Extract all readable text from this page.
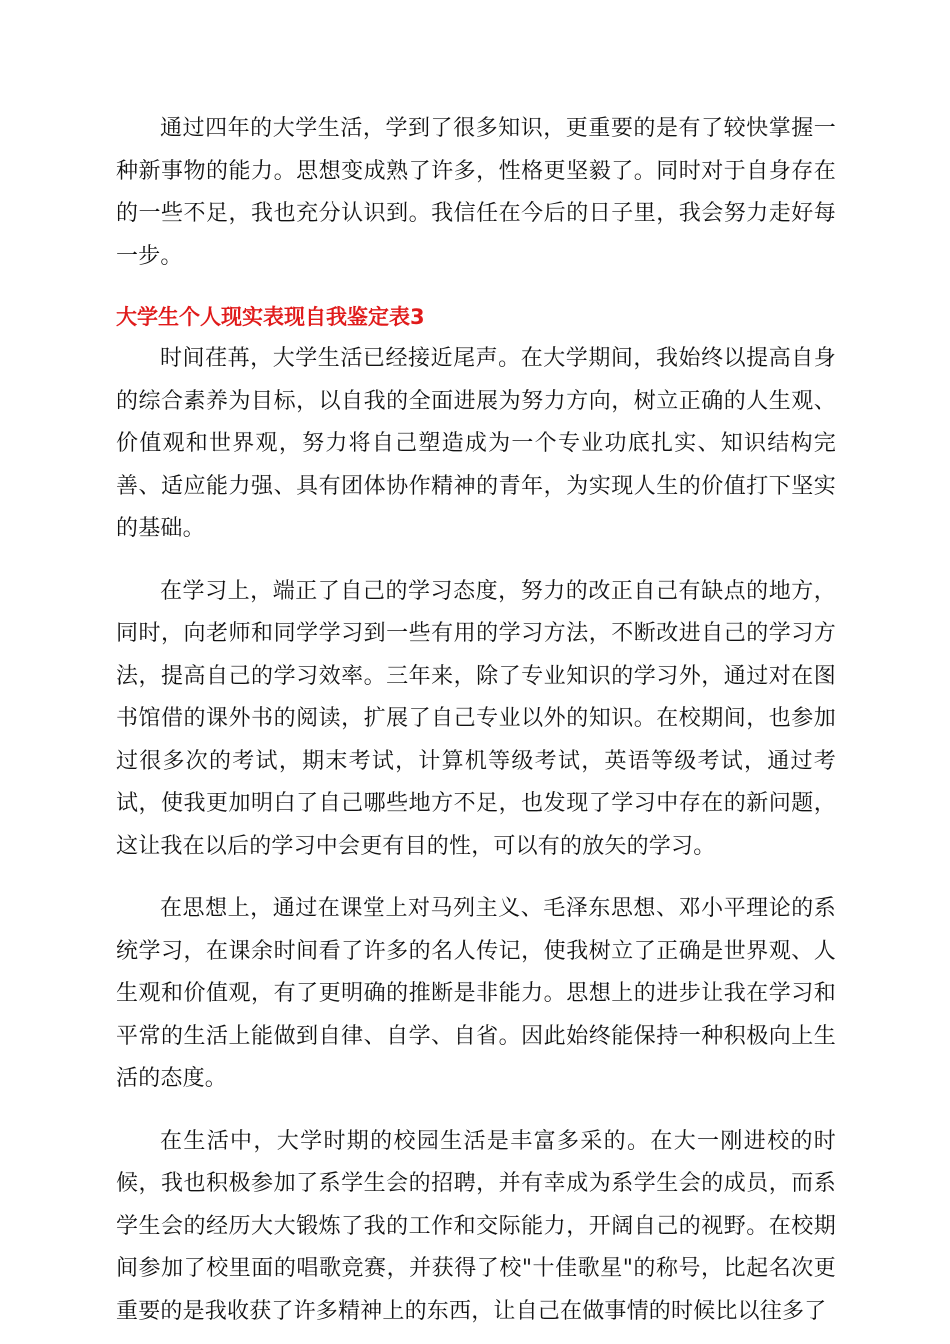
通过四年的大学生活，学到了很多知识，更重要的是有了较快掌握一种新事物的能力。思想变成熟了许多，性格更坚毅了。同时对于自身存在的一些不足，我也充分认识到。我信任在今后的日子里，我会努力走好每一步。

大学生个人现实表现自我鉴定表3

时间荏苒，大学生活已经接近尾声。在大学期间，我始终以提高自身的综合素养为目标，以自我的全面进展为努力方向，树立正确的人生观、价值观和世界观，努力将自己塑造成为一个专业功底扎实、知识结构完善、适应能力强、具有团体协作精神的青年，为实现人生的价值打下坚实的基础。

在学习上，端正了自己的学习态度，努力的改正自己有缺点的地方，同时，向老师和同学学习到一些有用的学习方法，不断改进自己的学习方法，提高自己的学习效率。三年来，除了专业知识的学习外，通过对在图书馆借的课外书的阅读，扩展了自己专业以外的知识。在校期间，也参加过很多次的考试，期末考试，计算机等级考试，英语等级考试，通过考试，使我更加明白了自己哪些地方不足，也发现了学习中存在的新问题，这让我在以后的学习中会更有目的性，可以有的放矢的学习。

在思想上，通过在课堂上对马列主义、毛泽东思想、邓小平理论的系统学习，在课余时间看了许多的名人传记，使我树立了正确是世界观、人生观和价值观，有了更明确的推断是非能力。思想上的进步让我在学习和平常的生活上能做到自律、自学、自省。因此始终能保持一种积极向上生活的态度。

在生活中，大学时期的校园生活是丰富多采的。在大一刚进校的时候，我也积极参加了系学生会的招聘，并有幸成为系学生会的成员，而系学生会的经历大大锻炼了我的工作和交际能力，开阔自己的视野。在校期间参加了校里面的唱歌竞赛，并获得了校"十佳歌星"的称号，比起名次更重要的是我收获了许多精神上的东西，让自己在做事情的时候比以往多了
